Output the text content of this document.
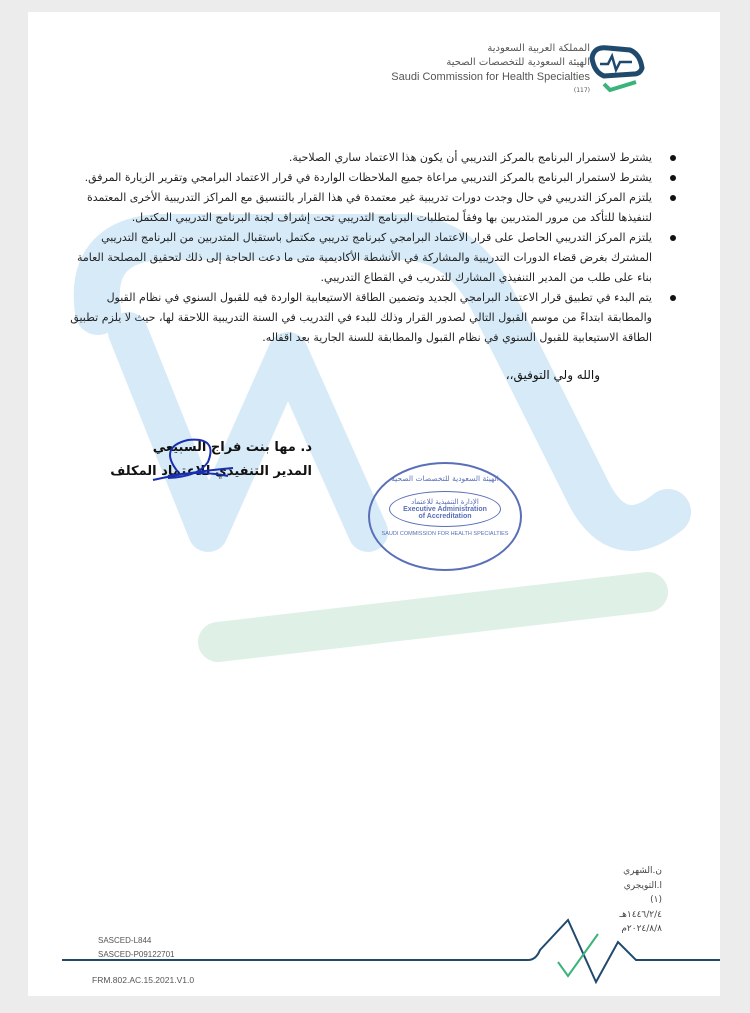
المملكة العربية السعودية
الهيئة السعودية للتخصصات الصحية
Saudi Commission for Health Specialties
(117)
الهيئة السعودية للتخصصات الصحية
الإدارة التنفيذية للاعتماد
Executive Administration
of Accreditation
SAUDI COMMISSION FOR HEALTH SPECIALTIES
يشترط لاستمرار البرنامج بالمركز التدريبي أن يكون هذا الاعتماد ساري الصلاحية.
يشترط لاستمرار البرنامج بالمركز التدريبي مراعاة جميع الملاحظات الواردة في قرار الاعتماد البرامجي وتقرير الزيارة المرفق.
يلتزم المركز التدريبي في حال وجدت دورات تدريبية غير معتمدة في هذا القرار بالتنسيق مع المراكز التدريبية الأخرى المعتمدة لتنفيذها للتأكد من مرور المتدربين بها وفقاً لمتطلبات البرنامج التدريبي تحت إشراف لجنة البرنامج التدريبي المكتمل.
يلتزم المركز التدريبي الحاصل على قرار الاعتماد البرامجي كبرنامج تدريبي مكتمل باستقبال المتدربين من البرنامج التدريبي المشترك بغرض قضاء الدورات التدريبية والمشاركة في الأنشطة الأكاديمية متى ما دعت الحاجة إلى ذلك لتحقيق المصلحة العامة بناء على طلب من المدير التنفيذي المشارك للتدريب في القطاع التدريبي.
يتم البدء في تطبيق قرار الاعتماد البرامجي الجديد وتضمين الطاقة الاستيعابية الواردة فيه للقبول السنوي في نظام القبول والمطابقة ابتداءً من موسم القبول التالي لصدور القرار وذلك للبدء في التدريب في السنة التدريبية اللاحقة لها، حيث لا يلزم تطبيق الطاقة الاستيعابية للقبول السنوي في نظام القبول والمطابقة للسنة الجارية بعد اقفاله.
والله ولي التوفيق،،
د. مها بنت فراج السبيعي
المدير التنفيذي للاعتماد المكلف
ن.الشهري
ا.التويجري
(١)
١٤٤٦/٢/٤هـ
٢٠٢٤/٨/٨م
SASCED-L844
SASCED-P09122701
FRM.802.AC.15.2021.V1.0
